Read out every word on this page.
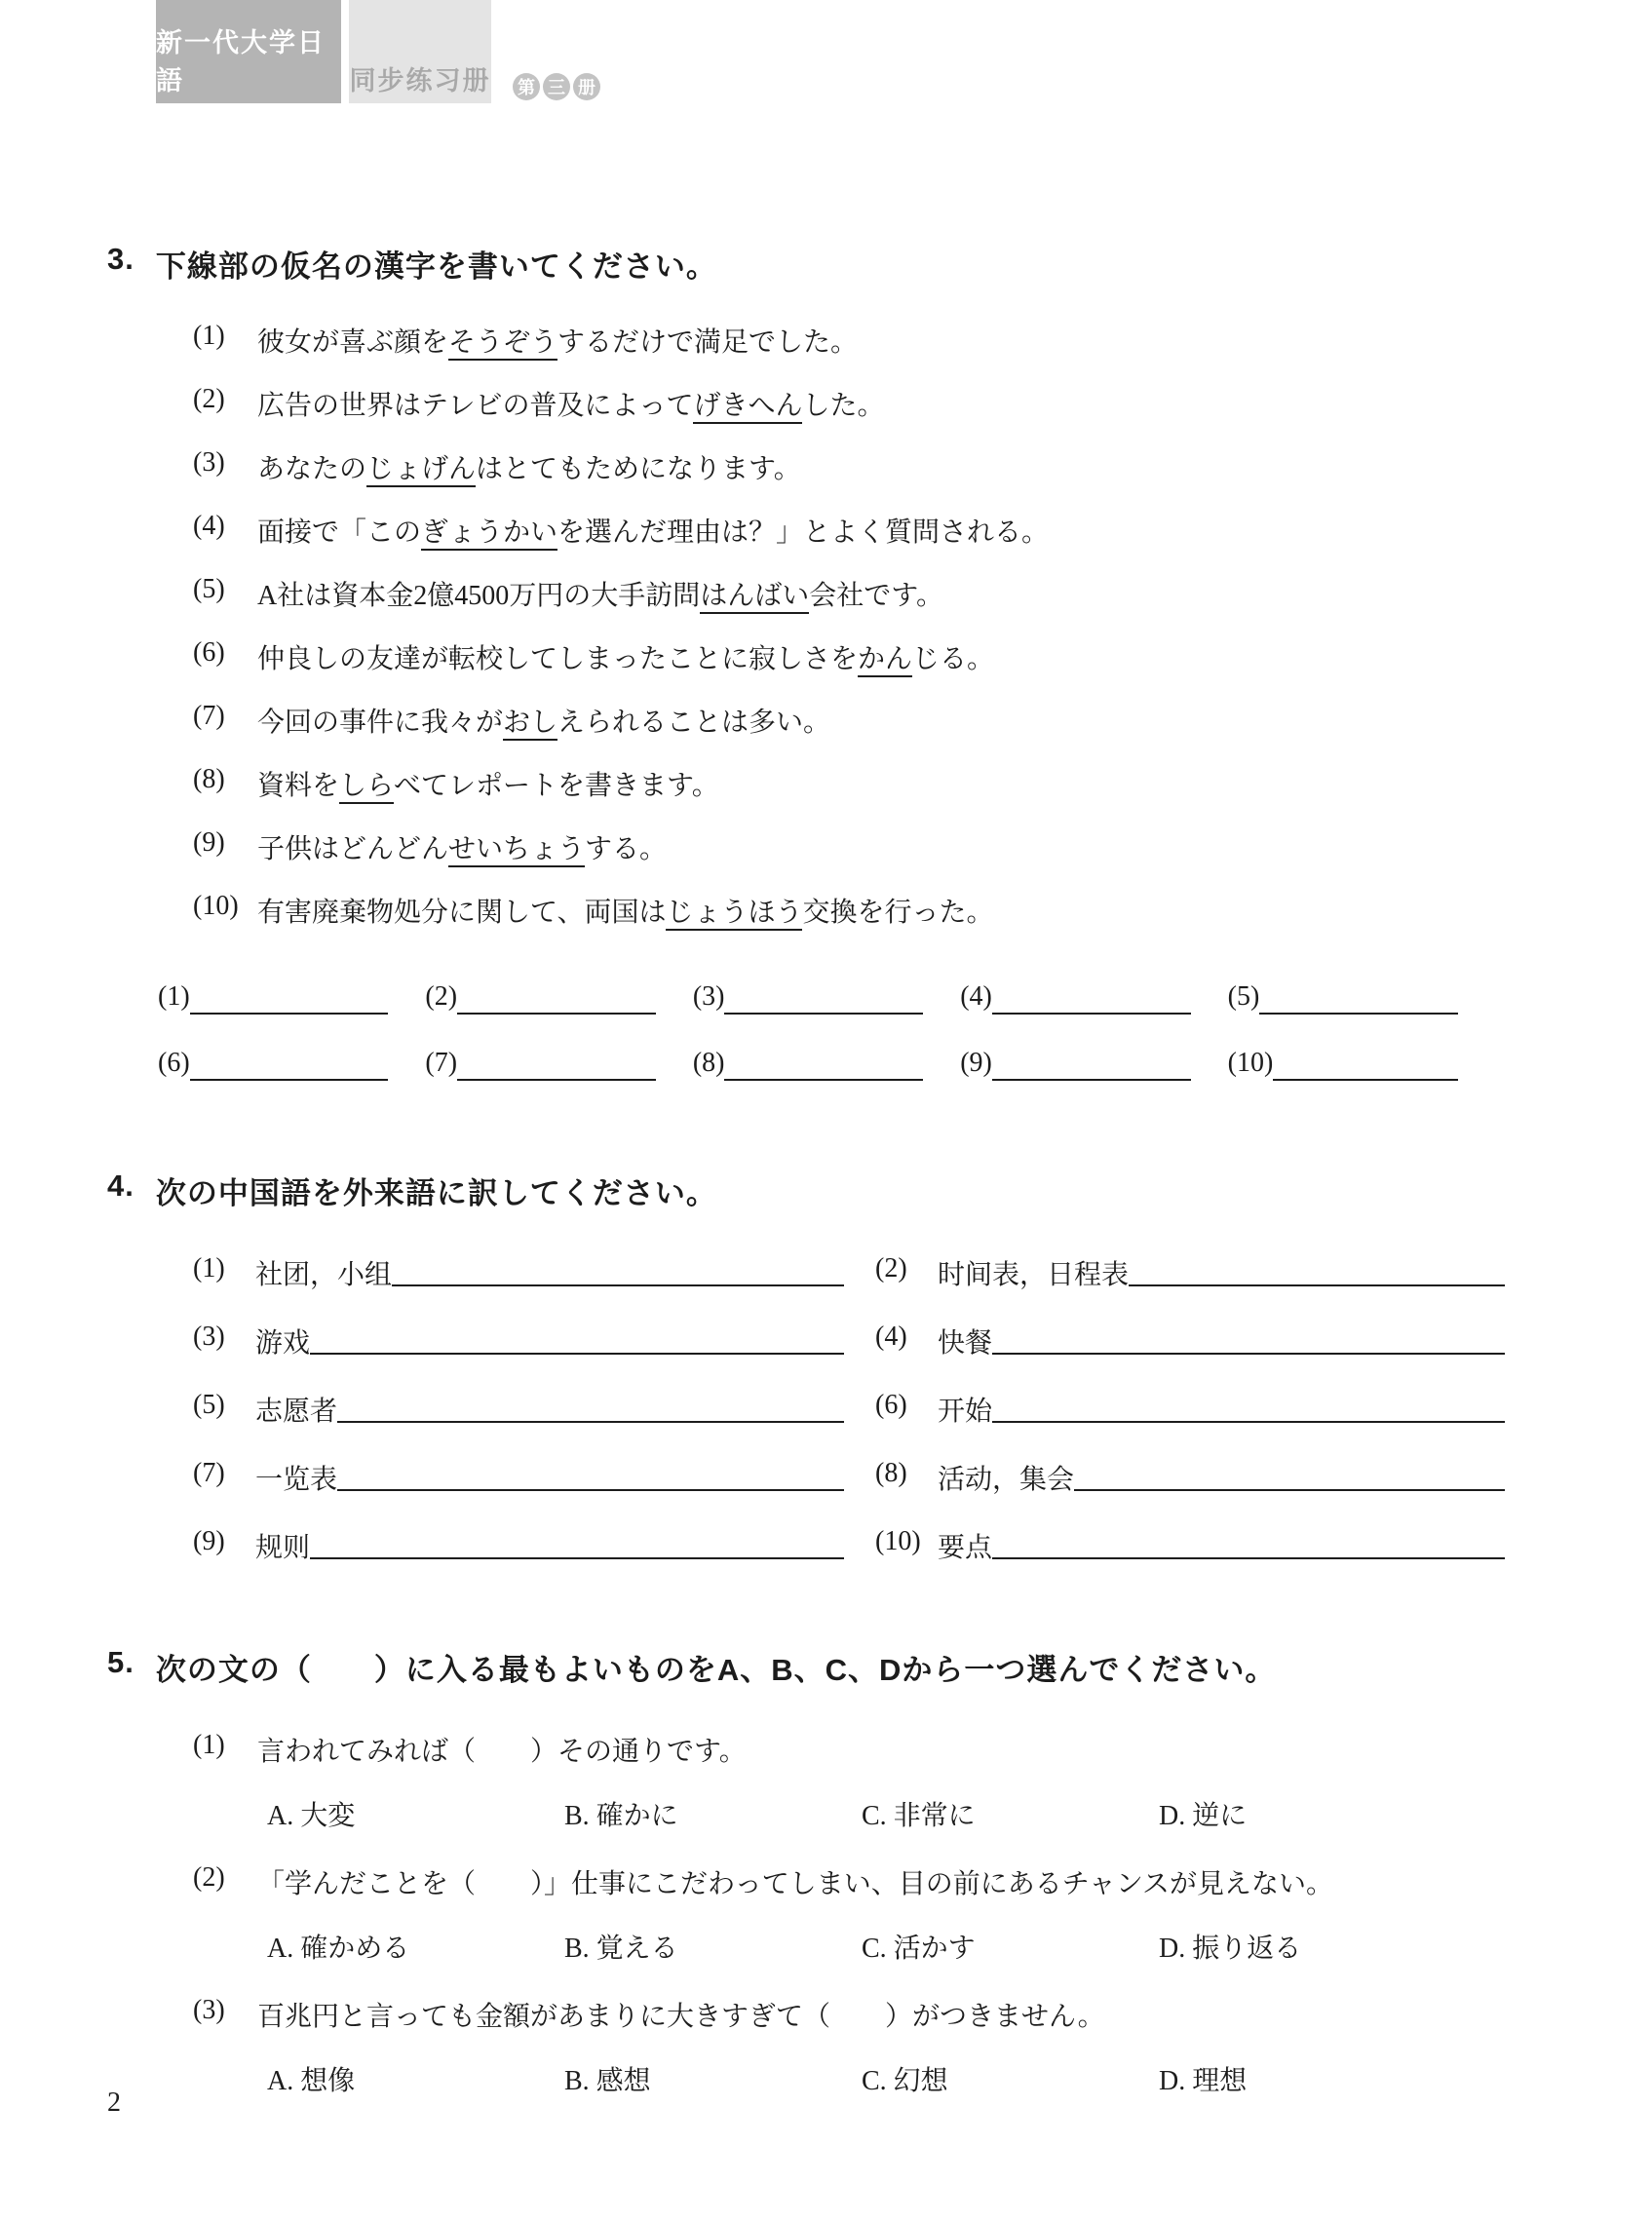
新一代大学日語	同步练习册 第 三 册
3. 下線部の仮名の漢字を書いてください。
(1)	彼女が喜ぶ顔をそうぞうするだけで満足でした。
(2)	広告の世界はテレビの普及によってげきへんした。
(3)	あなたのじょげんはとてもためになります。
(4)	面接で「このぎょうかいを選んだ理由は？」とよく質問される。
(5)	A社は資本金2億4500万円の大手訪問はんばい会社です。
(6)	仲良しの友達が転校してしまったことに寂しさをかんじる。
(7)	今回の事件に我々がおしえられることは多い。
(8)	資料をしらべてレポートを書きます。
(9)	子供はどんどんせいちょうする。
(10) 有害廃棄物処分に関して、両国はじょうほう交換を行った。
(1)	(2)	(3)	(4)	(5)
(6)	(7)	(8)	(9)	(10)
4. 次の中国語を外来語に訳してください。
(1)	社团，小组	(2)	时间表，日程表
(3)	游戏	(4)	快餐
(5)	志愿者	(6)	开始
(7)	一览表	(8)	活动，集会
(9)	规则	(10) 要点
5. 次の文の（　　）に入る最もよいものをA、B、C、Dから一つ選んでください。
(1)	言われてみれば（　　）その通りです。
A. 大変	B. 確かに	C. 非常に	D. 逆に
(2)	「学んだことを（　　）」仕事にこだわってしまい、目の前にあるチャンスが見えない。
A. 確かめる	B. 覚える	C. 活かす	D. 振り返る
(3)	百兆円と言っても金額があまりに大きすぎて（　　）がつきません。
A. 想像	B. 感想	C. 幻想	D. 理想
2
